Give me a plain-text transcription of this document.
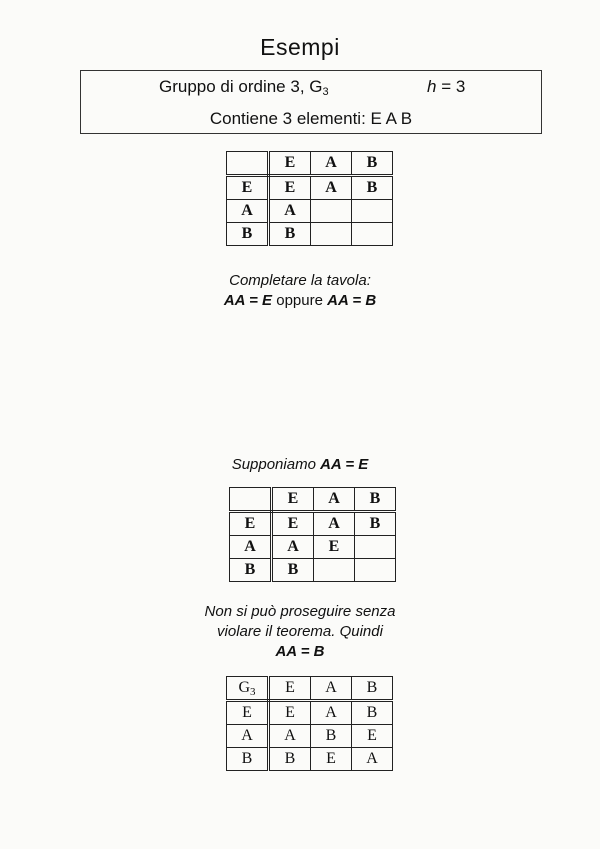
Esempi
Gruppo di ordine 3, $G_3$	h = 3
Contiene 3 elementi: E A B
	E	A	B
E	E	A	B
A	A		
B	B		
Completare la tavola:
AA = E oppure AA = B
Supponiamo AA = E
	E	A	B
E	E	A	B
A	A	E	
B	B		
Non si può proseguire senza
violare il teorema. Quindi
AA = B
$G_3$	E	A	B
E	E	A	B
A	A	B	E
B	B	E	A
